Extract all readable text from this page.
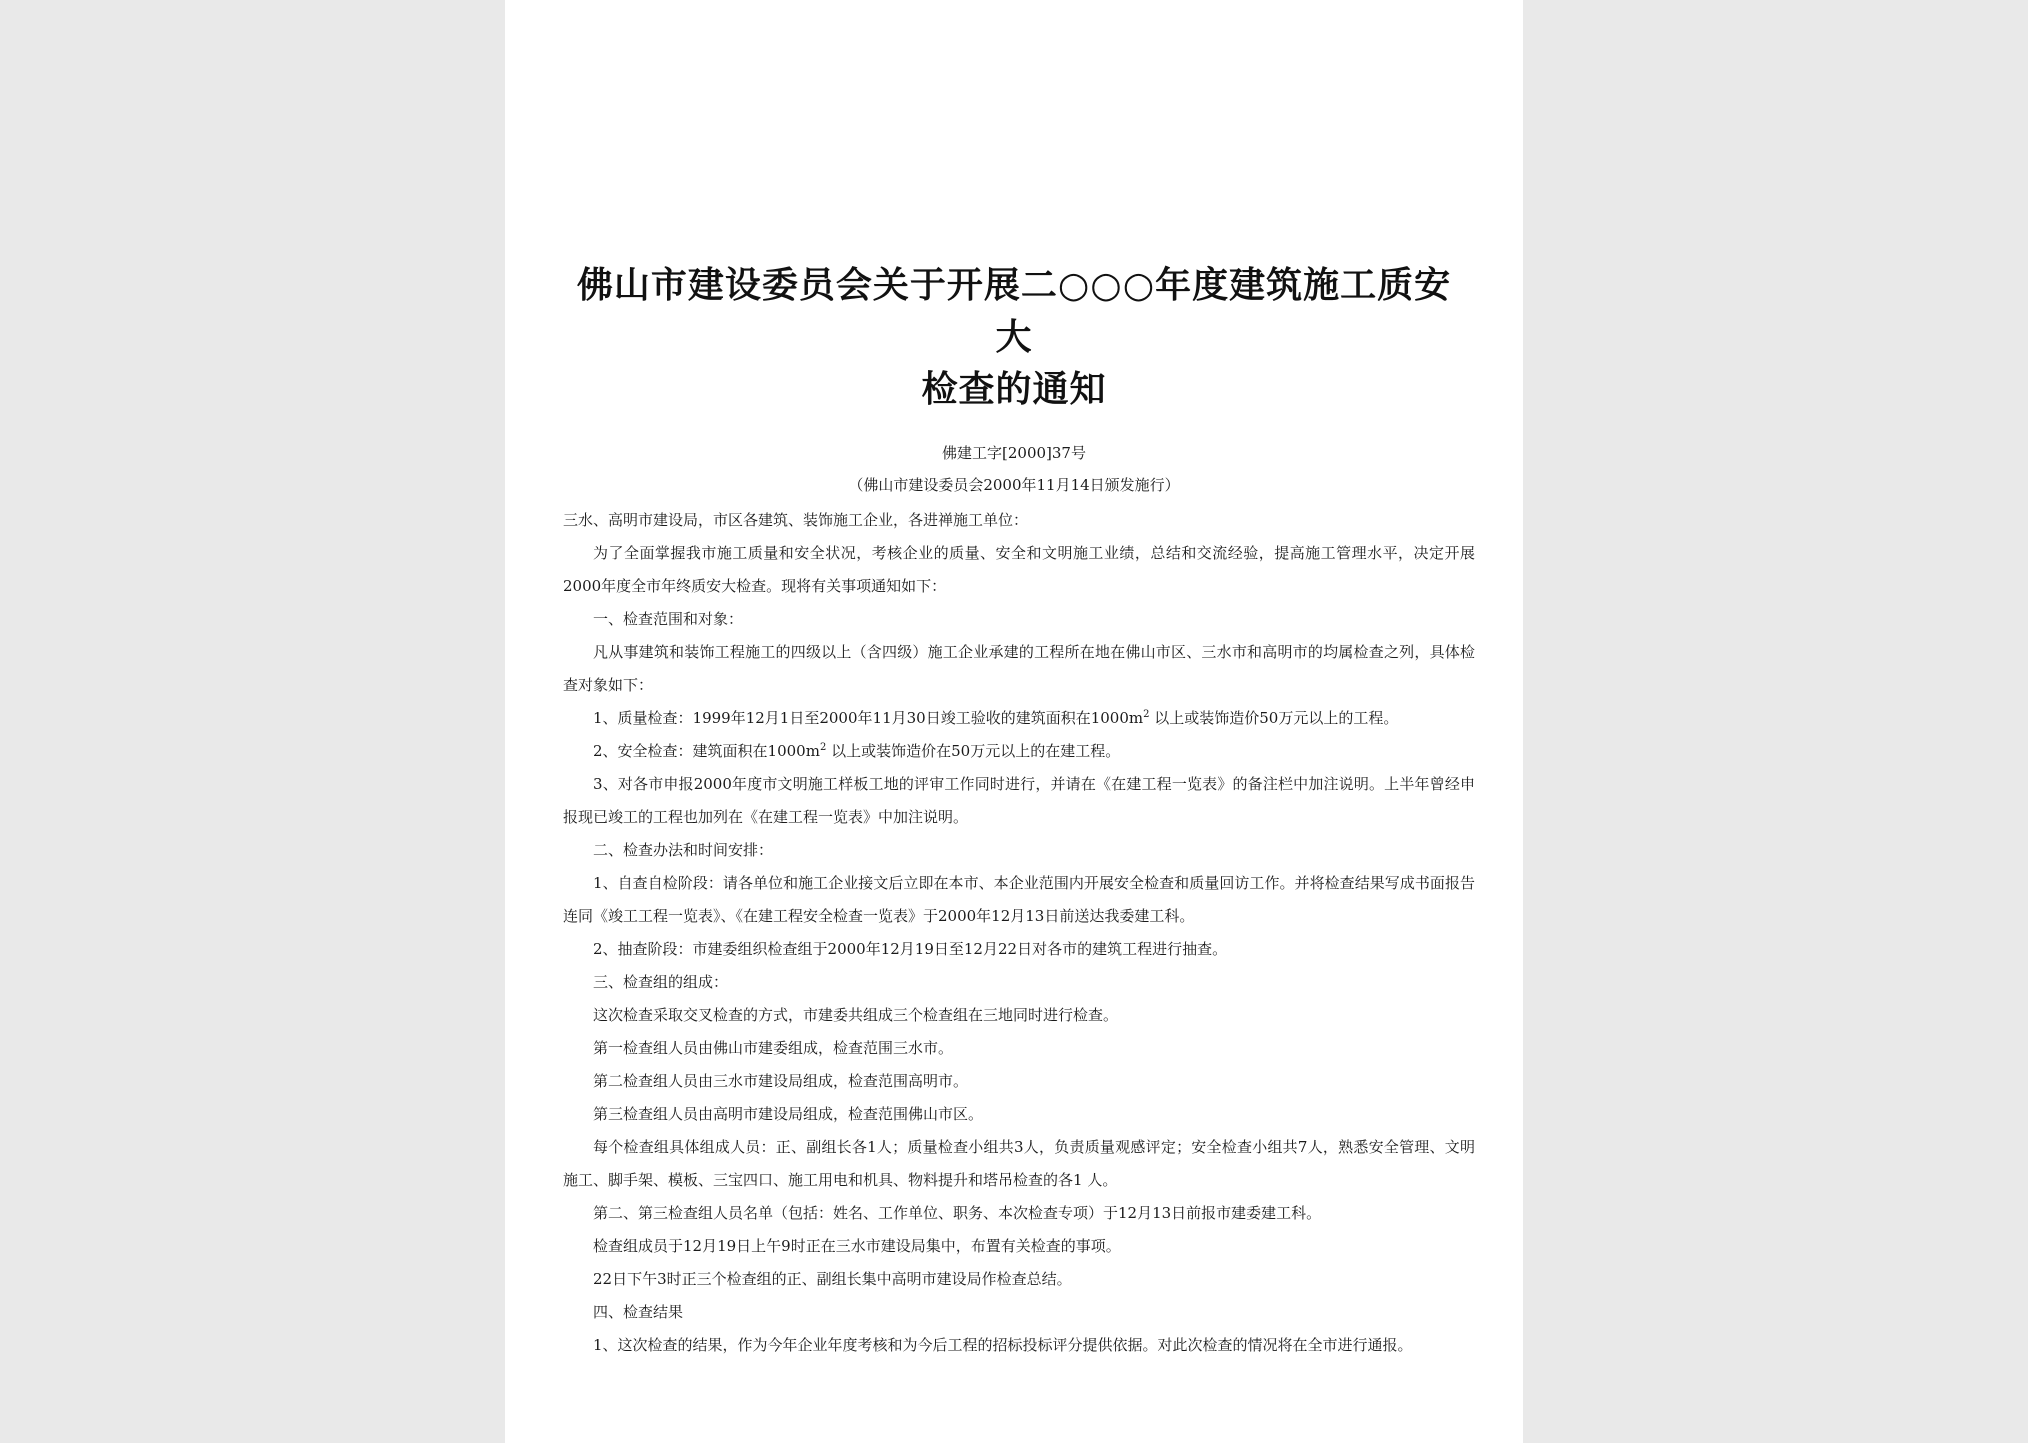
佛山市建设委员会关于开展二○○○年度建筑施工质安大
检查的通知
佛建工字[2000]37号
（佛山市建设委员会2000年11月14日颁发施行）

三水、高明市建设局，市区各建筑、装饰施工企业，各进禅施工单位：

为了全面掌握我市施工质量和安全状况，考核企业的质量、安全和文明施工业绩，总结和交流经验，提高施工管理水平，决定开展2000年度全市年终质安大检查。现将有关事项通知如下：

一、检查范围和对象：

凡从事建筑和装饰工程施工的四级以上（含四级）施工企业承建的工程所在地在佛山市区、三水市和高明市的均属检查之列，具体检查对象如下：

1、质量检查：1999年12月1日至2000年11月30日竣工验收的建筑面积在$1000m^2$ 以上或装饰造价50万元以上的工程。

2、安全检查：建筑面积在$1000m^2$ 以上或装饰造价在50万元以上的在建工程。

3、对各市申报2000年度市文明施工样板工地的评审工作同时进行，并请在《在建工程一览表》的备注栏中加注说明。上半年曾经申报现已竣工的工程也加列在《在建工程一览表》中加注说明。

二、检查办法和时间安排：

1、自查自检阶段：请各单位和施工企业接文后立即在本市、本企业范围内开展安全检查和质量回访工作。并将检查结果写成书面报告连同《竣工工程一览表》、《在建工程安全检查一览表》于2000年12月13日前送达我委建工科。

2、抽查阶段：市建委组织检查组于2000年12月19日至12月22日对各市的建筑工程进行抽查。

三、检查组的组成：

这次检查采取交叉检查的方式，市建委共组成三个检查组在三地同时进行检查。

第一检查组人员由佛山市建委组成，检查范围三水市。

第二检查组人员由三水市建设局组成，检查范围高明市。

第三检查组人员由高明市建设局组成，检查范围佛山市区。

每个检查组具体组成人员：正、副组长各1人；质量检查小组共3人，负责质量观感评定；安全检查小组共7人，熟悉安全管理、文明施工、脚手架、模板、三宝四口、施工用电和机具、物料提升和塔吊检查的各1 人。

第二、第三检查组人员名单（包括：姓名、工作单位、职务、本次检查专项）于12月13日前报市建委建工科。

检查组成员于12月19日上午9时正在三水市建设局集中，布置有关检查的事项。

22日下午3时正三个检查组的正、副组长集中高明市建设局作检查总结。

四、检查结果

1、这次检查的结果，作为今年企业年度考核和为今后工程的招标投标评分提供依据。对此次检查的情况将在全市进行通报。
